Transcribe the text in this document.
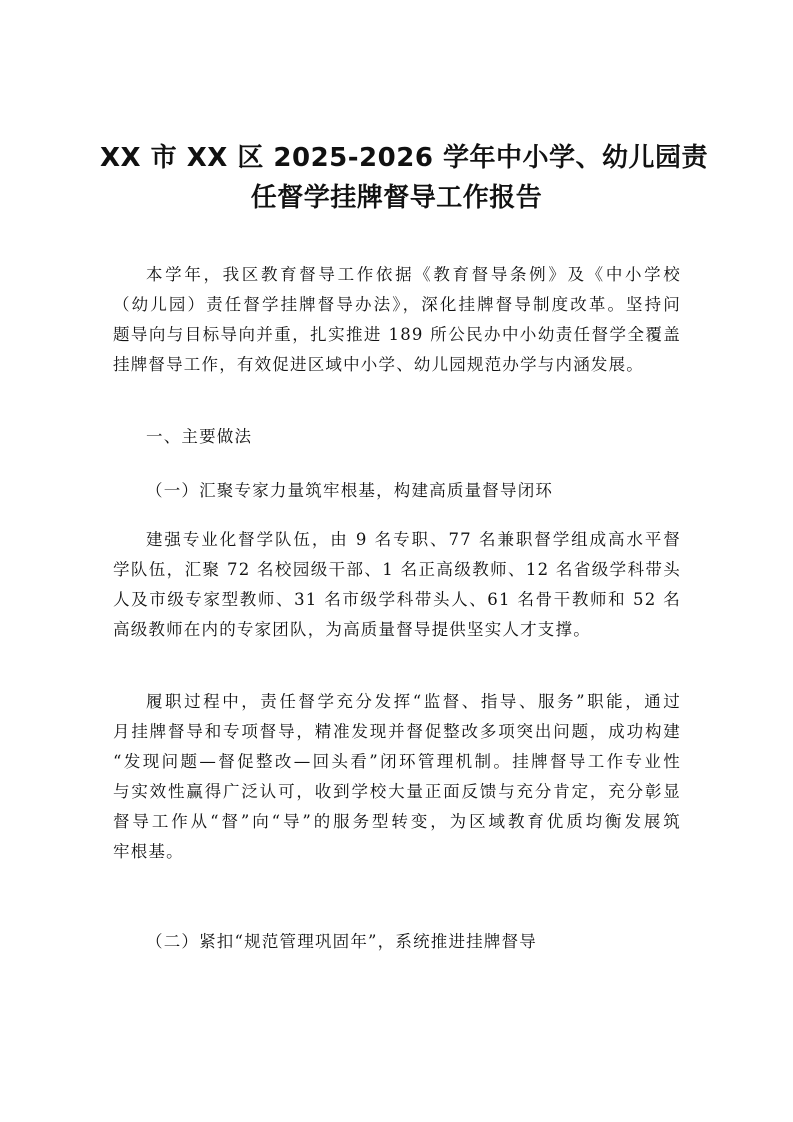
XX 市 XX 区 2025-2026 学年中小学、幼儿园责
任督学挂牌督导工作报告
本学年，我区教育督导工作依据《教育督导条例》及《中小学校
（幼儿园）责任督学挂牌督导办法》，深化挂牌督导制度改革。坚持问
题导向与目标导向并重，扎实推进 189 所公民办中小幼责任督学全覆盖
挂牌督导工作，有效促进区域中小学、幼儿园规范办学与内涵发展。
一、主要做法
（一）汇聚专家力量筑牢根基，构建高质量督导闭环
建强专业化督学队伍，由 9 名专职、77 名兼职督学组成高水平督
学队伍，汇聚 72 名校园级干部、1 名正高级教师、12 名省级学科带头
人及市级专家型教师、31 名市级学科带头人、61 名骨干教师和 52 名
高级教师在内的专家团队，为高质量督导提供坚实人才支撑。
履职过程中，责任督学充分发挥“监督、指导、服务”职能，通过
月挂牌督导和专项督导，精准发现并督促整改多项突出问题，成功构建
“发现问题—督促整改—回头看”闭环管理机制。挂牌督导工作专业性
与实效性赢得广泛认可，收到学校大量正面反馈与充分肯定，充分彰显
督导工作从“督”向“导”的服务型转变，为区域教育优质均衡发展筑
牢根基。
（二）紧扣“规范管理巩固年”，系统推进挂牌督导
